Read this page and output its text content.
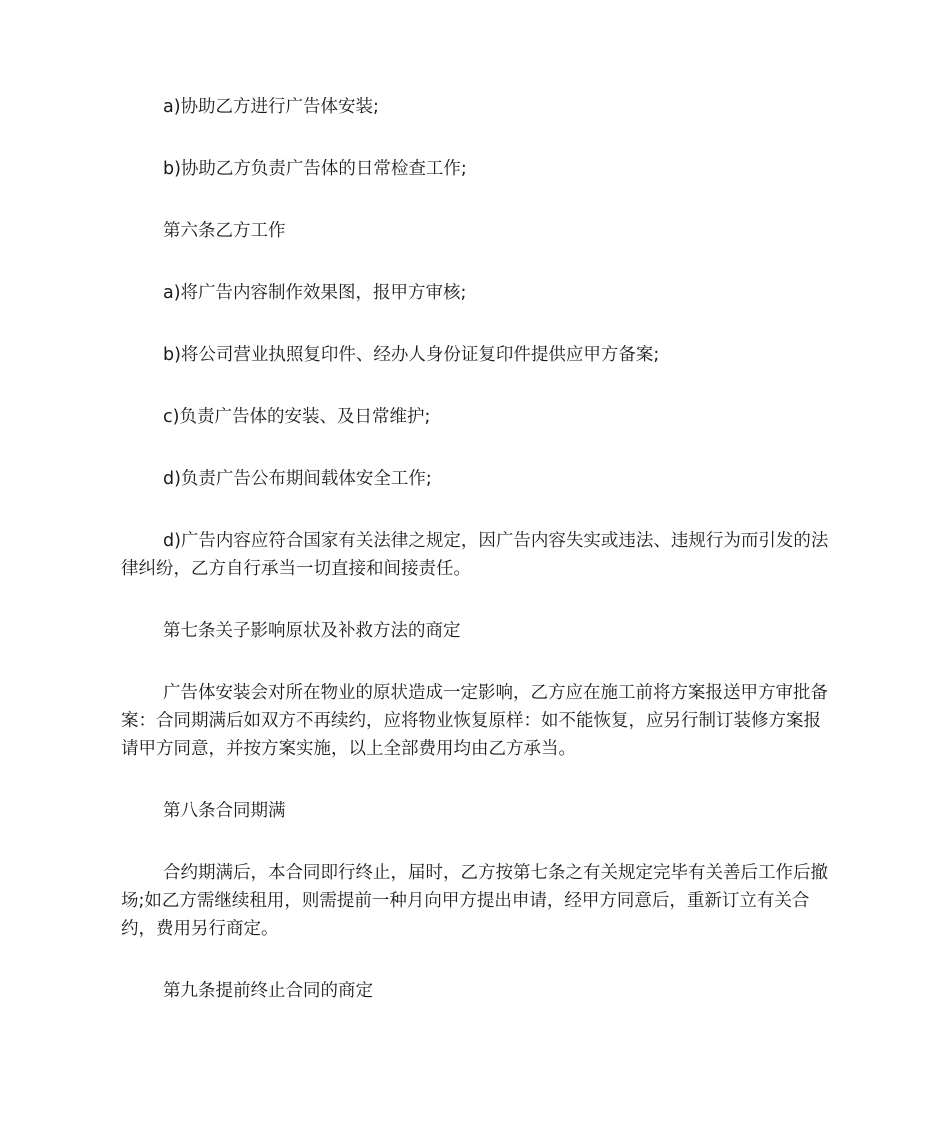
a)协助乙方进行广告体安装;

b)协助乙方负责广告体的日常检查工作;

第六条乙方工作

a)将广告内容制作效果图，报甲方审核;

b)将公司营业执照复印件、经办人身份证复印件提供应甲方备案;

c)负责广告体的安装、及日常维护;

d)负责广告公布期间载体安全工作;

d)广告内容应符合国家有关法律之规定，因广告内容失实或违法、违规行为而引发的法律纠纷，乙方自行承当一切直接和间接责任。

第七条关子影响原状及补救方法的商定

广告体安装会对所在物业的原状造成一定影响，乙方应在施工前将方案报送甲方审批备案：合同期满后如双方不再续约，应将物业恢复原样：如不能恢复，应另行制订装修方案报请甲方同意，并按方案实施，以上全部费用均由乙方承当。

第八条合同期满

合约期满后，本合同即行终止，届时，乙方按第七条之有关规定完毕有关善后工作后撤场;如乙方需继续租用，则需提前一种月向甲方提出申请，经甲方同意后，重新订立有关合约，费用另行商定。

第九条提前终止合同的商定
